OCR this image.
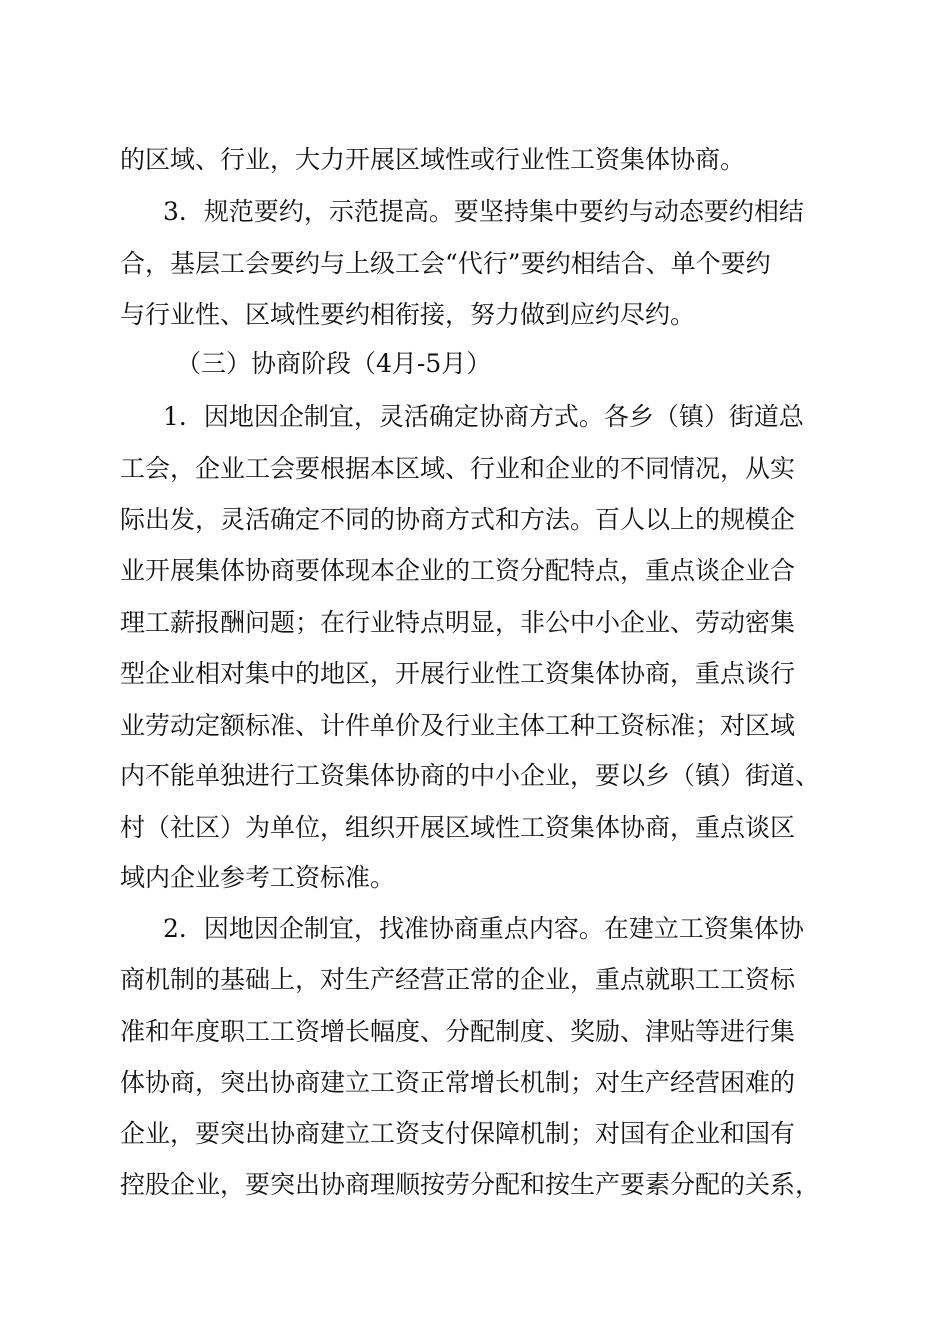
的区域、行业，大力开展区域性或行业性工资集体协商。
3．规范要约，示范提高。要坚持集中要约与动态要约相结
合，基层工会要约与上级工会“代行”要约相结合、单个要约
与行业性、区域性要约相衔接，努力做到应约尽约。
（三）协商阶段（4月-5月）
1．因地因企制宜，灵活确定协商方式。各乡（镇）街道总
工会，企业工会要根据本区域、行业和企业的不同情况，从实
际出发，灵活确定不同的协商方式和方法。百人以上的规模企
业开展集体协商要体现本企业的工资分配特点，重点谈企业合
理工薪报酬问题；在行业特点明显，非公中小企业、劳动密集
型企业相对集中的地区，开展行业性工资集体协商，重点谈行
业劳动定额标准、计件单价及行业主体工种工资标准；对区域
内不能单独进行工资集体协商的中小企业，要以乡（镇）街道、
村（社区）为单位，组织开展区域性工资集体协商，重点谈区
域内企业参考工资标准。
2．因地因企制宜，找准协商重点内容。在建立工资集体协
商机制的基础上，对生产经营正常的企业，重点就职工工资标
准和年度职工工资增长幅度、分配制度、奖励、津贴等进行集
体协商，突出协商建立工资正常增长机制；对生产经营困难的
企业，要突出协商建立工资支付保障机制；对国有企业和国有
控股企业，要突出协商理顺按劳分配和按生产要素分配的关系，
